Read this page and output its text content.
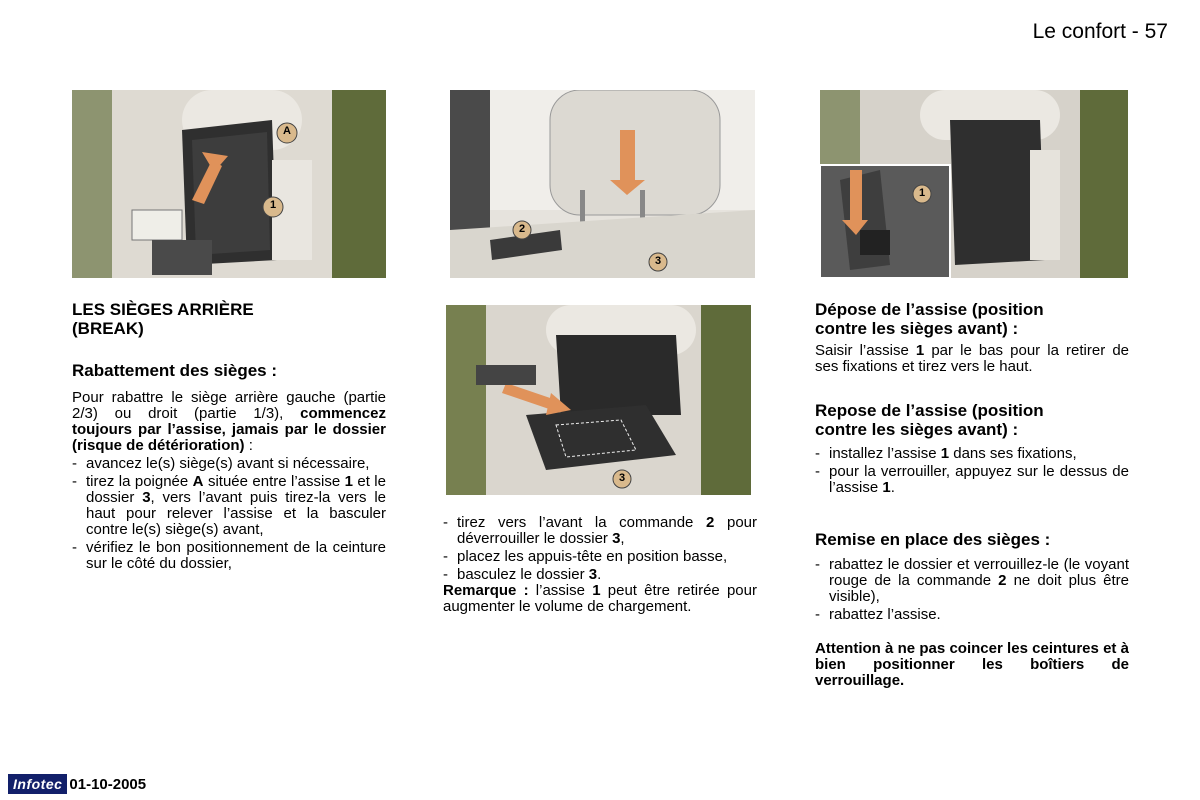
Le confort - 57
A
1
2
3
3
1
LES SIÈGES ARRIÈRE
(BREAK)
Rabattement des sièges :
Pour rabattre le siège arrière gauche (partie 2/3) ou droit (partie 1/3), commencez toujours par l’assise, jamais par le dossier (risque de détérioration) :
- avancez le(s) siège(s) avant si nécessaire,
- tirez la poignée A située entre l’assise 1 et le dossier 3, vers l’avant puis tirez-la vers le haut pour relever l’assise et la basculer contre le(s) siège(s) avant,
- vérifiez le bon positionnement de la ceinture sur le côté du dossier,
- tirez vers l’avant la commande 2 pour déverrouiller le dossier 3,
- placez les appuis-tête en position basse,
- basculez le dossier 3.
Remarque : l’assise 1 peut être retirée pour augmenter le volume de chargement.
Dépose de l’assise (position
contre les sièges avant) :
Saisir l’assise 1 par le bas pour la retirer de ses fixations et tirez vers le haut.
Repose de l’assise (position
contre les sièges avant) :
- installez l’assise 1 dans ses fixations,
- pour la verrouiller, appuyez sur le dessus de l’assise 1.
Remise en place des sièges :
- rabattez le dossier et verrouillez-le (le voyant rouge de la commande 2 ne doit plus être visible),
- rabattez l’assise.
Attention à ne pas coincer les ceintures et à bien positionner les boîtiers de verrouillage.
Infotec 01-10-2005
